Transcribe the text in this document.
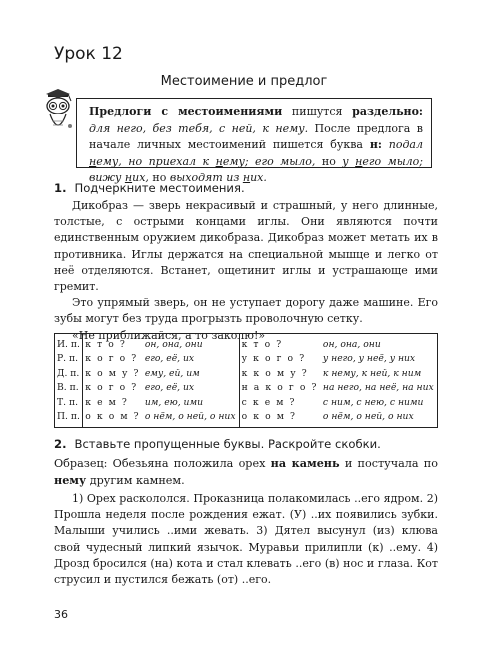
Урок 12
Местоимение и предлог
Предлоги с местоимениями пишутся раздельно: для него, без тебя, с ней, к нему. После предлога в начале личных местоимений пишется буква н: подал нему, но приехал к нему; его мыло, но у него мыло; вижу них, но выходят из них.
1. Подчеркните местоимения.

Дикобраз — зверь некрасивый и страшный, у него длинные, толстые, с острыми концами иглы. Они являются почти единственным оружием дикобраза. Дикобраз может метать их в противника. Иглы держатся на специальной мышце и легко от неё отделяются. Встанет, ощетинит иглы и устрашающе ими гремит.

Это упрямый зверь, он не уступает дорогу даже машине. Его зубы могут без труда прогрызть проволочную сетку.

«Не приближайся, а то заколю!»

И. п.	к т о ?	он, она, они	к т о ?	он, она, они
Р. п.	к о г о ?	его, её, их	у к о г о ?	у него, у неё, у них
Д. п.	к о м у ?	ему, ей, им	к к о м у ?	к нему, к ней, к ним
В. п.	к о г о ?	его, её, их	н а к о г о ?	на него, на неё, на них
Т. п.	к е м ?	им, ею, ими	с к е м ?	с ним, с нею, с ними
П. п.	о к о м ?	о нём, о ней, о них	о к о м ?	о нём, о ней, о них
2. Вставьте пропущенные буквы. Раскройте скобки.
Образец: Обезьяна положила орех на камень и постучала по нему другим камнем.

1) Орех раскололся. Проказница полакомилась ..его ядром. 2) Прошла неделя после рождения ежат. (У) ..их появились зубки. Малыши учились ..ими жевать. 3) Дятел высунул (из) клюва свой чудесный липкий язычок. Муравьи прилипли (к) ..ему. 4) Дрозд бросился (на) кота и стал клевать ..его (в) нос и глаза. Кот струсил и пустился бежать (от) ..его.

36
